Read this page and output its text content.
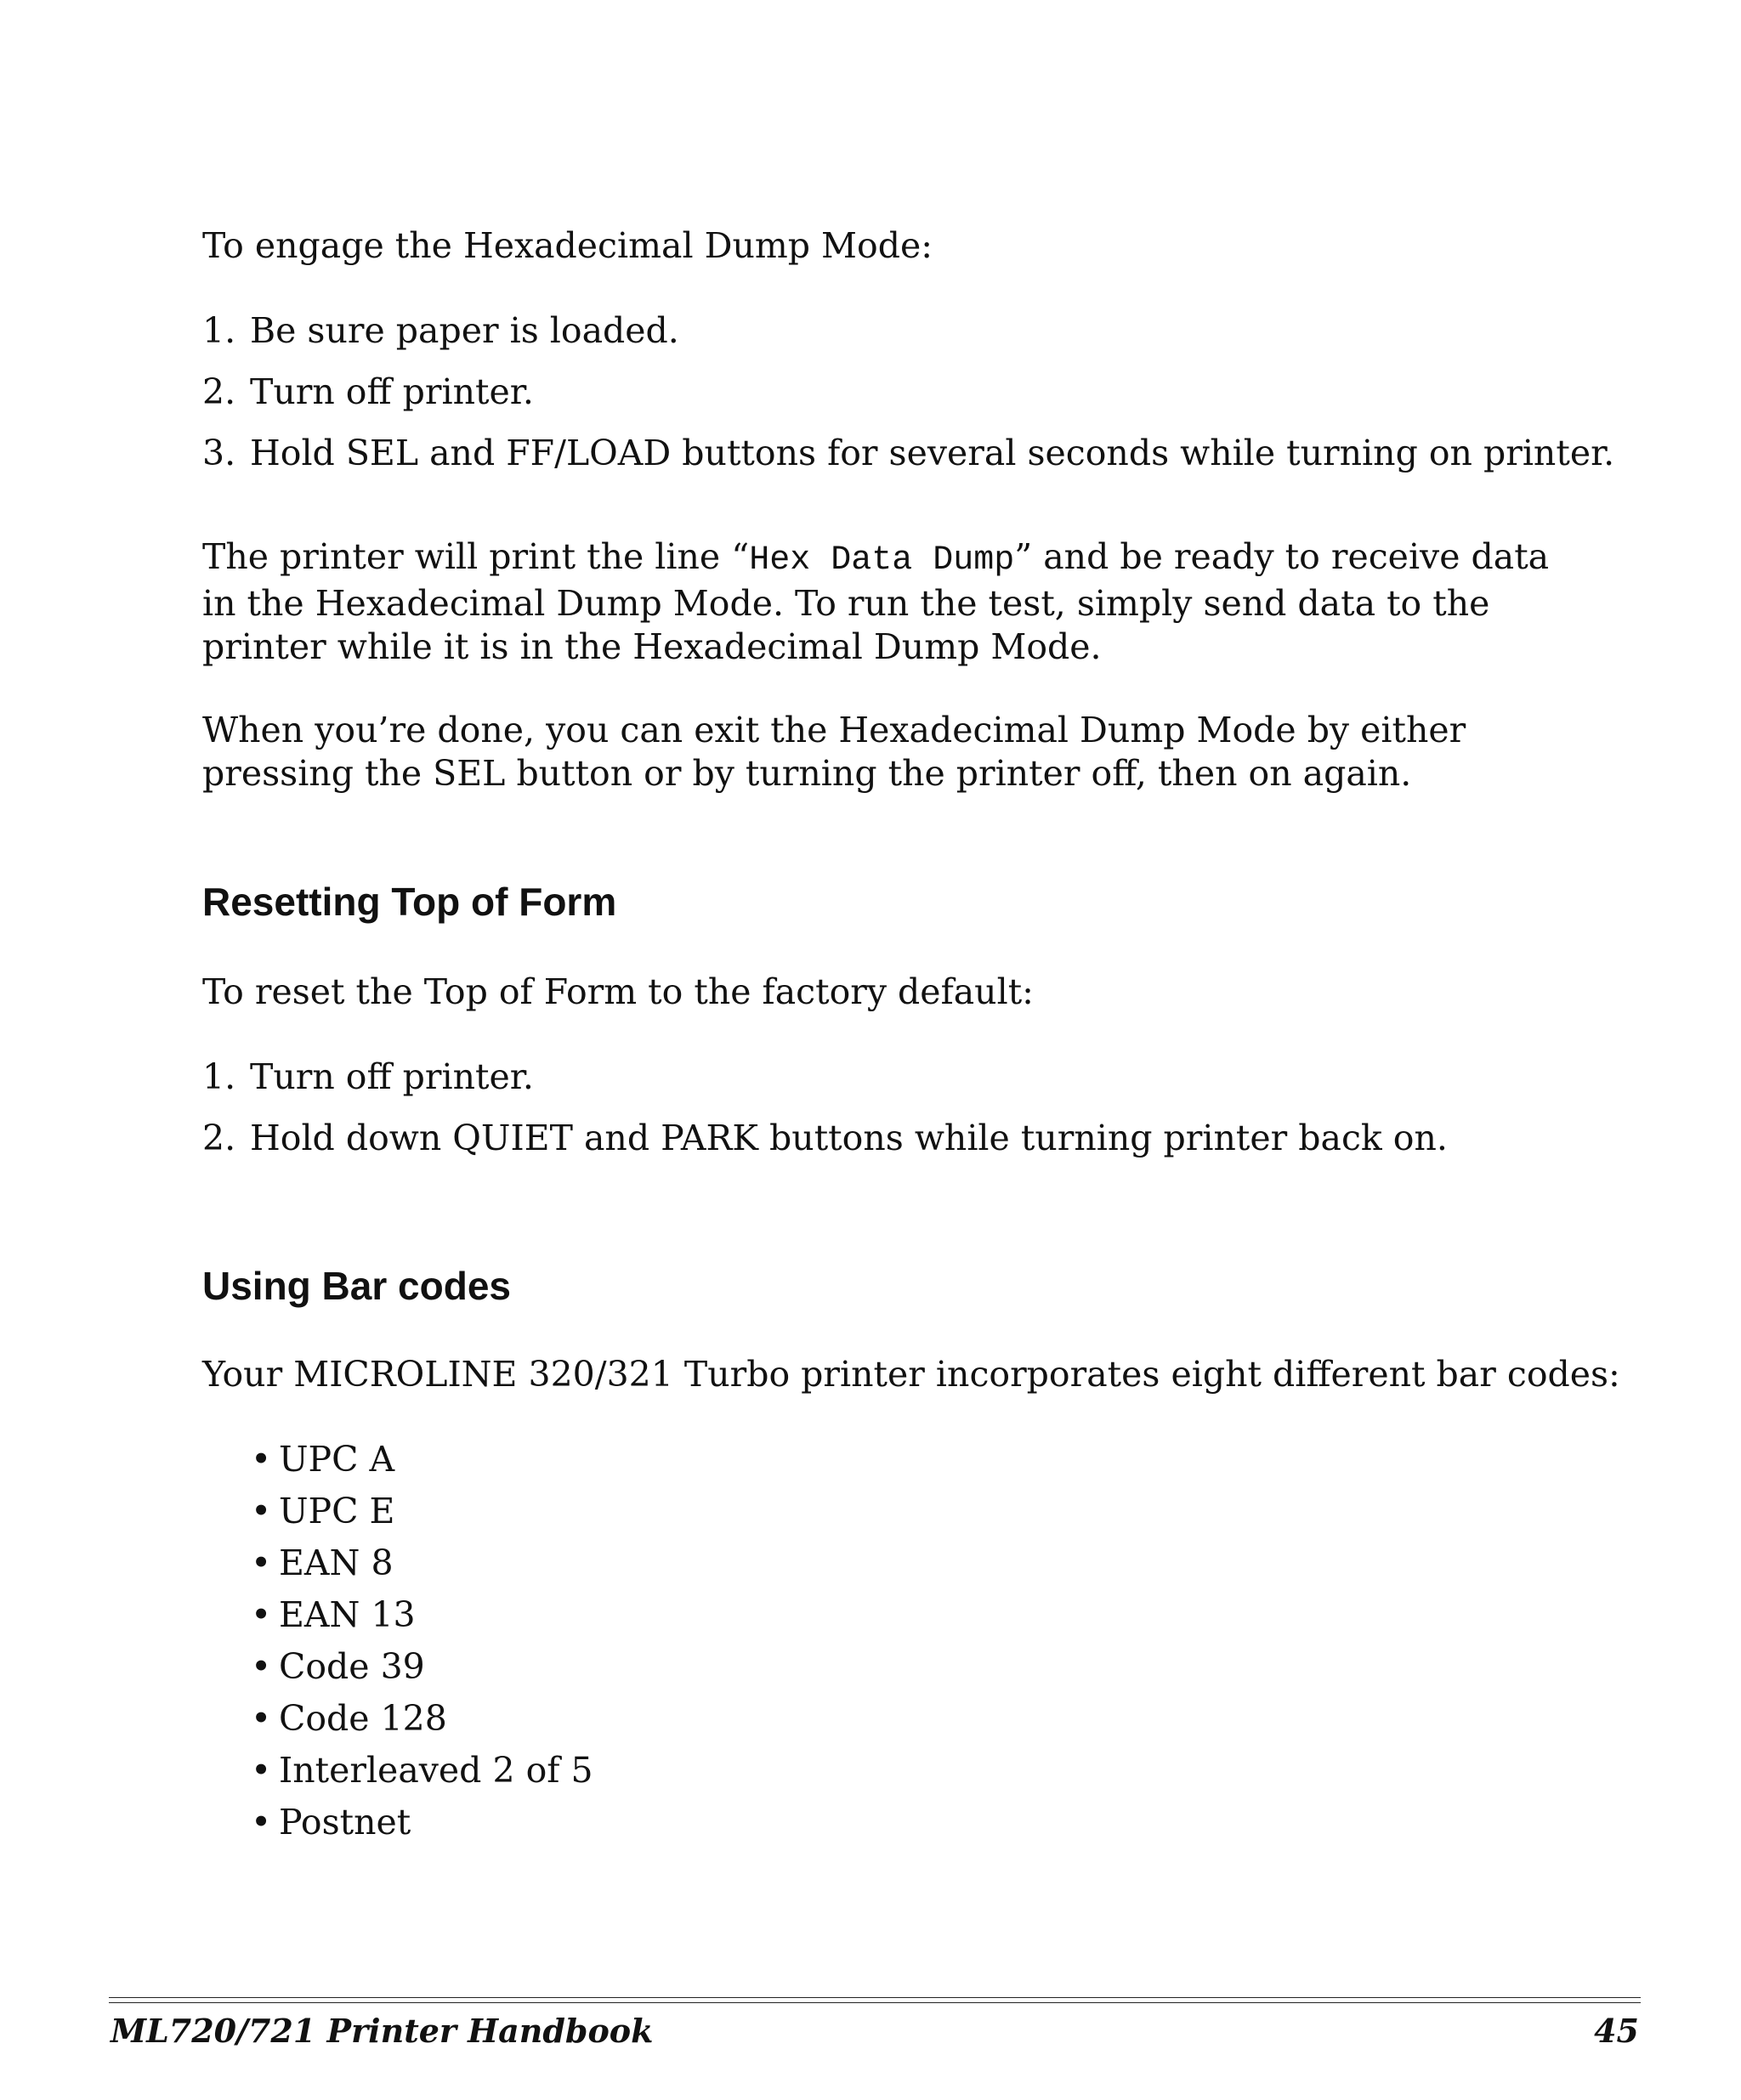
To engage the Hexadecimal Dump Mode:

1. Be sure paper is loaded.
2. Turn off printer.
3. Hold SEL and FF/LOAD buttons for several seconds while turning on printer.

The printer will print the line “Hex Data Dump” and be ready to receive data in the Hexadecimal Dump Mode. To run the test, simply send data to the printer while it is in the Hexadecimal Dump Mode.

When you’re done, you can exit the Hexadecimal Dump Mode by either pressing the SEL button or by turning the printer off, then on again.

Resetting Top of Form

To reset the Top of Form to the factory default:

1. Turn off printer.
2. Hold down QUIET and PARK buttons while turning printer back on.
Using Bar codes

Your MICROLINE 320/321 Turbo printer incorporates eight different bar codes:

• UPC A
• UPC E
• EAN 8
• EAN 13
• Code 39
• Code 128
• Interleaved 2 of 5
• Postnet
ML720/721 Printer Handbook	45
